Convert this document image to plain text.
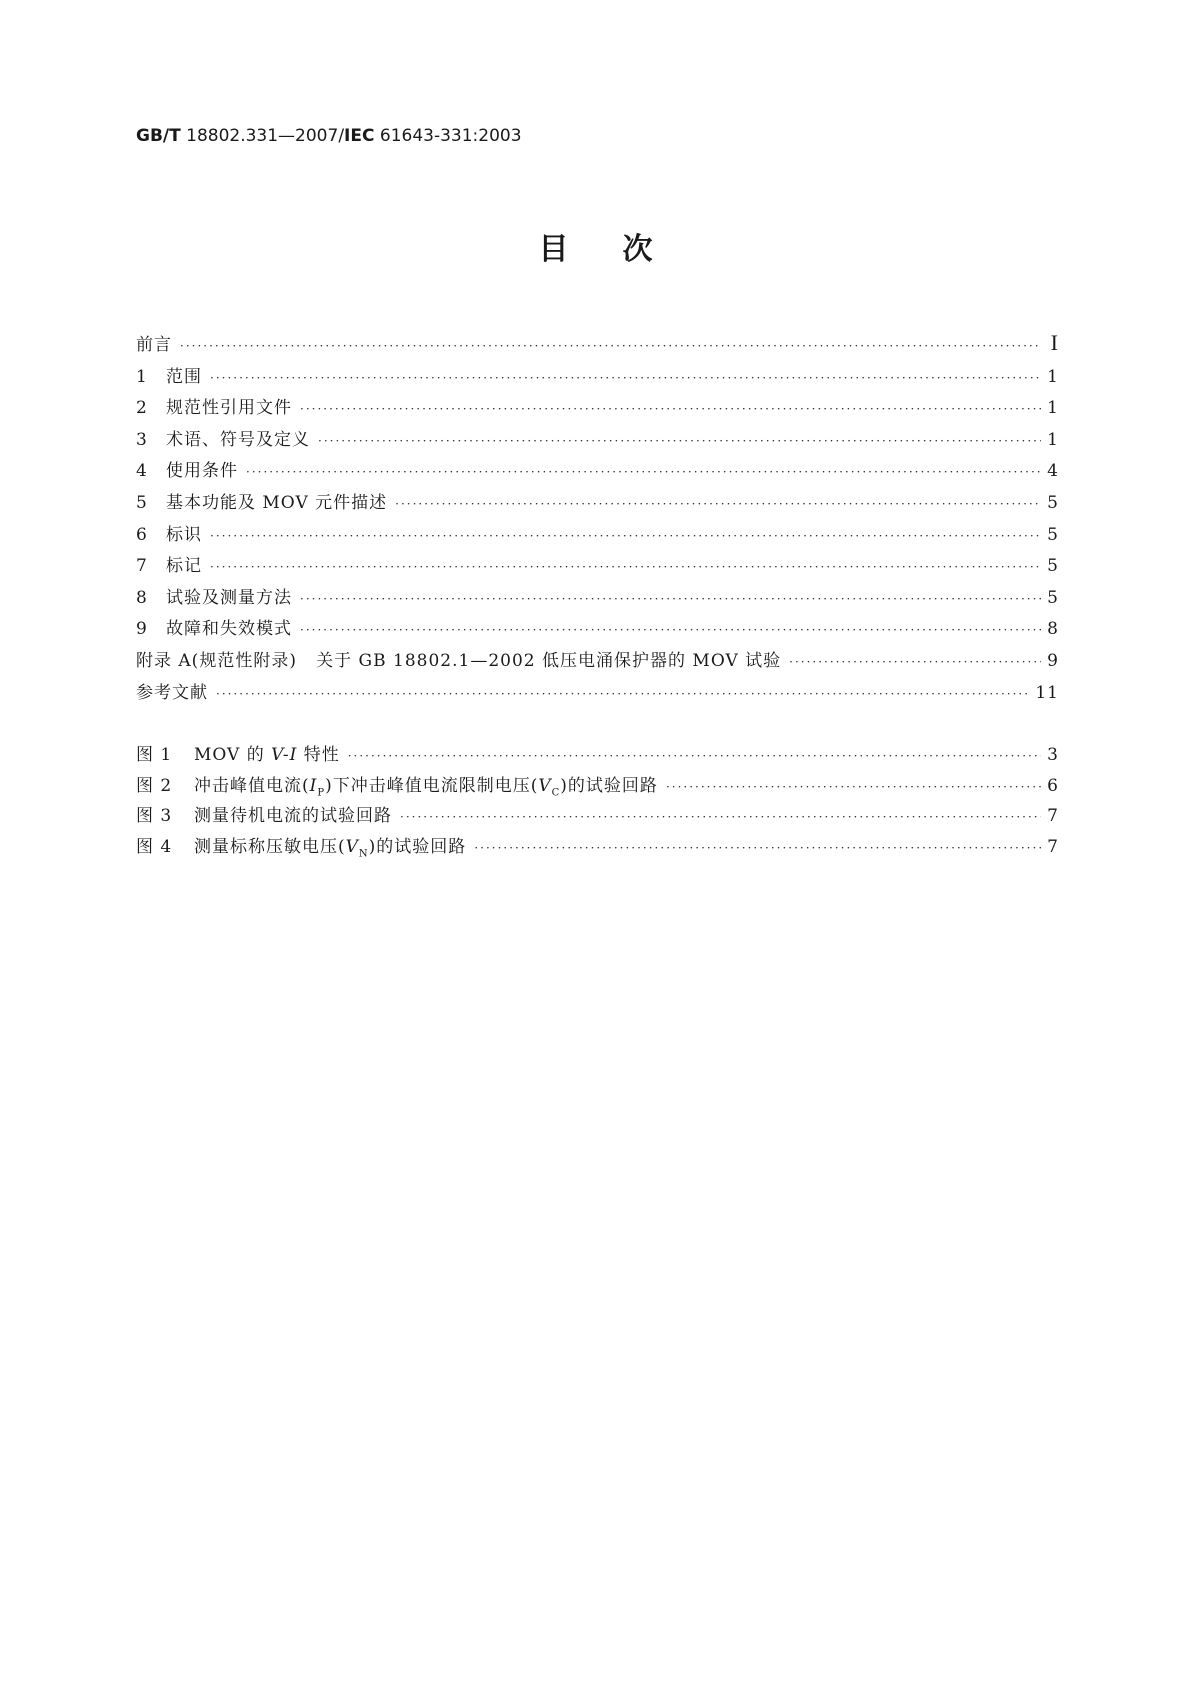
GB/T 18802.331—2007/IEC 61643-331:2003
目次
前言 ·····	I
1	范围 ·····	1
2	规范性引用文件 ·····	1
3	术语、符号及定义 ·····	1
4	使用条件 ·····	4
5	基本功能及 MOV 元件描述 ·····	5
6	标识 ·····	5
7	标记 ·····	5
8	试验及测量方法 ·····	5
9	故障和失效模式 ·····	8
附录 A(规范性附录)   关于 GB 18802.1—2002 低压电涌保护器的 MOV 试验 ·····	9
参考文献 ·····	11
图 1	MOV 的 V-I 特性 ·····	3
图 2	冲击峰值电流$(I_P)$下冲击峰值电流限制电压$(V_C)$的试验回路 ·····	6
图 3	测量待机电流的试验回路 ·····	7
图 4	测量标称压敏电压$(V_N)$的试验回路 ·····	7
